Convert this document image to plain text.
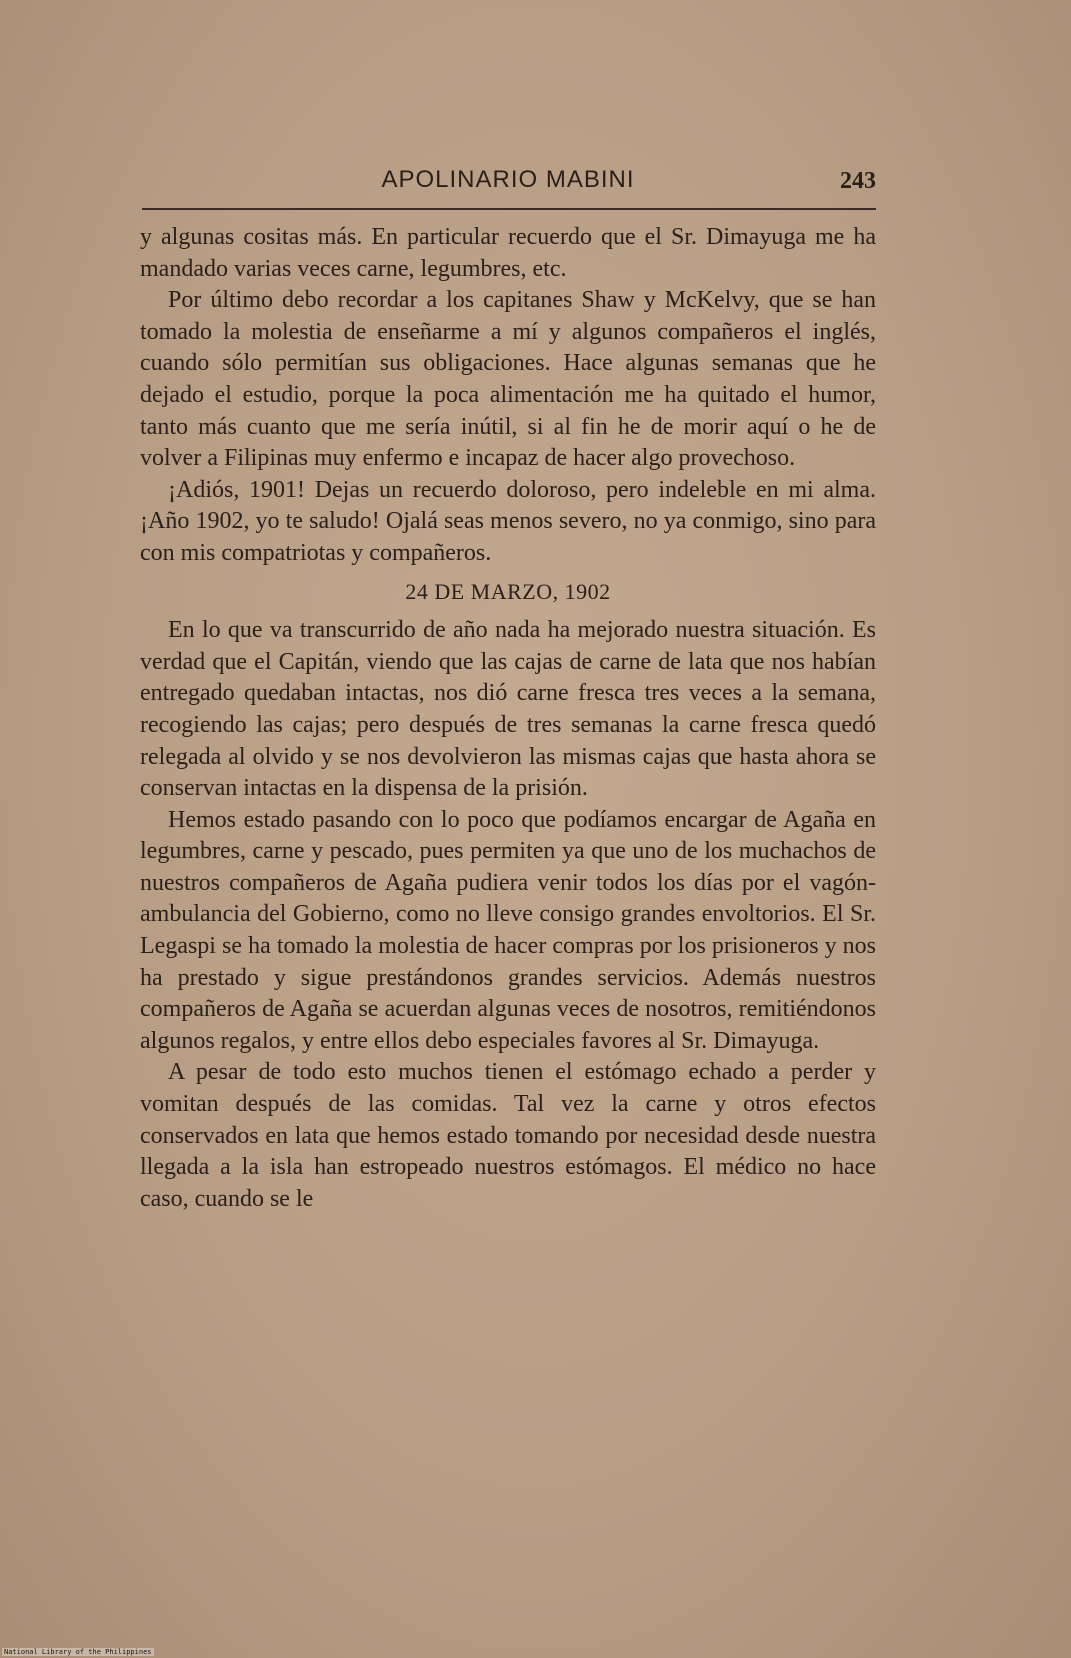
APOLINARIO MABINI	243

y algunas cositas más. En particular recuerdo que el Sr. Dimayuga me ha mandado varias veces carne, legumbres, etc.

Por último debo recordar a los capitanes Shaw y McKelvy, que se han tomado la molestia de enseñarme a mí y algunos compañeros el inglés, cuando sólo permitían sus obligaciones. Hace algunas semanas que he dejado el estudio, porque la poca alimentación me ha quitado el humor, tanto más cuanto que me sería inútil, si al fin he de morir aquí o he de volver a Filipinas muy enfermo e incapaz de hacer algo provechoso.

¡Adiós, 1901! Dejas un recuerdo doloroso, pero indeleble en mi alma. ¡Año 1902, yo te saludo! Ojalá seas menos severo, no ya conmigo, sino para con mis compatriotas y compañeros.

24 DE MARZO, 1902

En lo que va transcurrido de año nada ha mejorado nuestra situación. Es verdad que el Capitán, viendo que las cajas de carne de lata que nos habían entregado quedaban intactas, nos dió carne fresca tres veces a la semana, recogiendo las cajas; pero después de tres semanas la carne fresca quedó relegada al olvido y se nos devolvieron las mismas cajas que hasta ahora se conservan intactas en la dispensa de la prisión.

Hemos estado pasando con lo poco que podíamos encargar de Agaña en legumbres, carne y pescado, pues permiten ya que uno de los muchachos de nuestros compañeros de Agaña pudiera venir todos los días por el vagón-ambulancia del Gobierno, como no lleve consigo grandes envoltorios. El Sr. Legaspi se ha tomado la molestia de hacer compras por los prisioneros y nos ha prestado y sigue prestándonos grandes servicios. Además nuestros compañeros de Agaña se acuerdan algunas veces de nosotros, remitiéndonos algunos regalos, y entre ellos debo especiales favores al Sr. Dimayuga.

A pesar de todo esto muchos tienen el estómago echado a perder y vomitan después de las comidas. Tal vez la carne y otros efectos conservados en lata que hemos estado tomando por necesidad desde nuestra llegada a la isla han estropeado nuestros estómagos. El médico no hace caso, cuando se le

National Library of the Philippines
